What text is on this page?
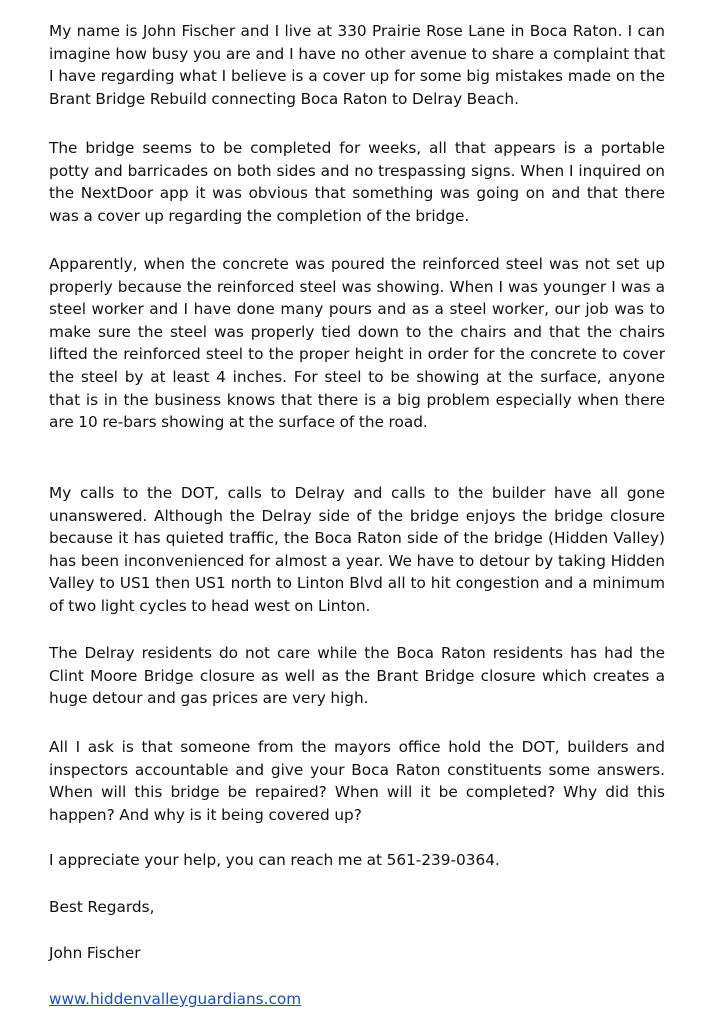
My name is John Fischer and I live at 330 Prairie Rose Lane in Boca Raton. I can imagine how busy you are and I have no other avenue to share a complaint that I have regarding what I believe is a cover up for some big mistakes made on the Brant Bridge Rebuild connecting Boca Raton to Delray Beach.

The bridge seems to be completed for weeks, all that appears is a portable potty and barricades on both sides and no trespassing signs. When I inquired on the NextDoor app it was obvious that something was going on and that there was a cover up regarding the completion of the bridge.

Apparently, when the concrete was poured the reinforced steel was not set up properly because the reinforced steel was showing. When I was younger I was a steel worker and I have done many pours and as a steel worker, our job was to make sure the steel was properly tied down to the chairs and that the chairs lifted the reinforced steel to the proper height in order for the concrete to cover the steel by at least 4 inches. For steel to be showing at the surface, anyone that is in the business knows that there is a big problem especially when there are 10 re-bars showing at the surface of the road.

My calls to the DOT, calls to Delray and calls to the builder have all gone unanswered. Although the Delray side of the bridge enjoys the bridge closure because it has quieted traffic, the Boca Raton side of the bridge (Hidden Valley) has been inconvenienced for almost a year. We have to detour by taking Hidden Valley to US1 then US1 north to Linton Blvd all to hit congestion and a minimum of two light cycles to head west on Linton.

The Delray residents do not care while the Boca Raton residents has had the Clint Moore Bridge closure as well as the Brant Bridge closure which creates a huge detour and gas prices are very high.

All I ask is that someone from the mayors office hold the DOT, builders and inspectors accountable and give your Boca Raton constituents some answers. When will this bridge be repaired? When will it be completed? Why did this happen? And why is it being covered up?

I appreciate your help, you can reach me at 561-239-0364.

Best Regards,

John Fischer

www.hiddenvalleyguardians.com
